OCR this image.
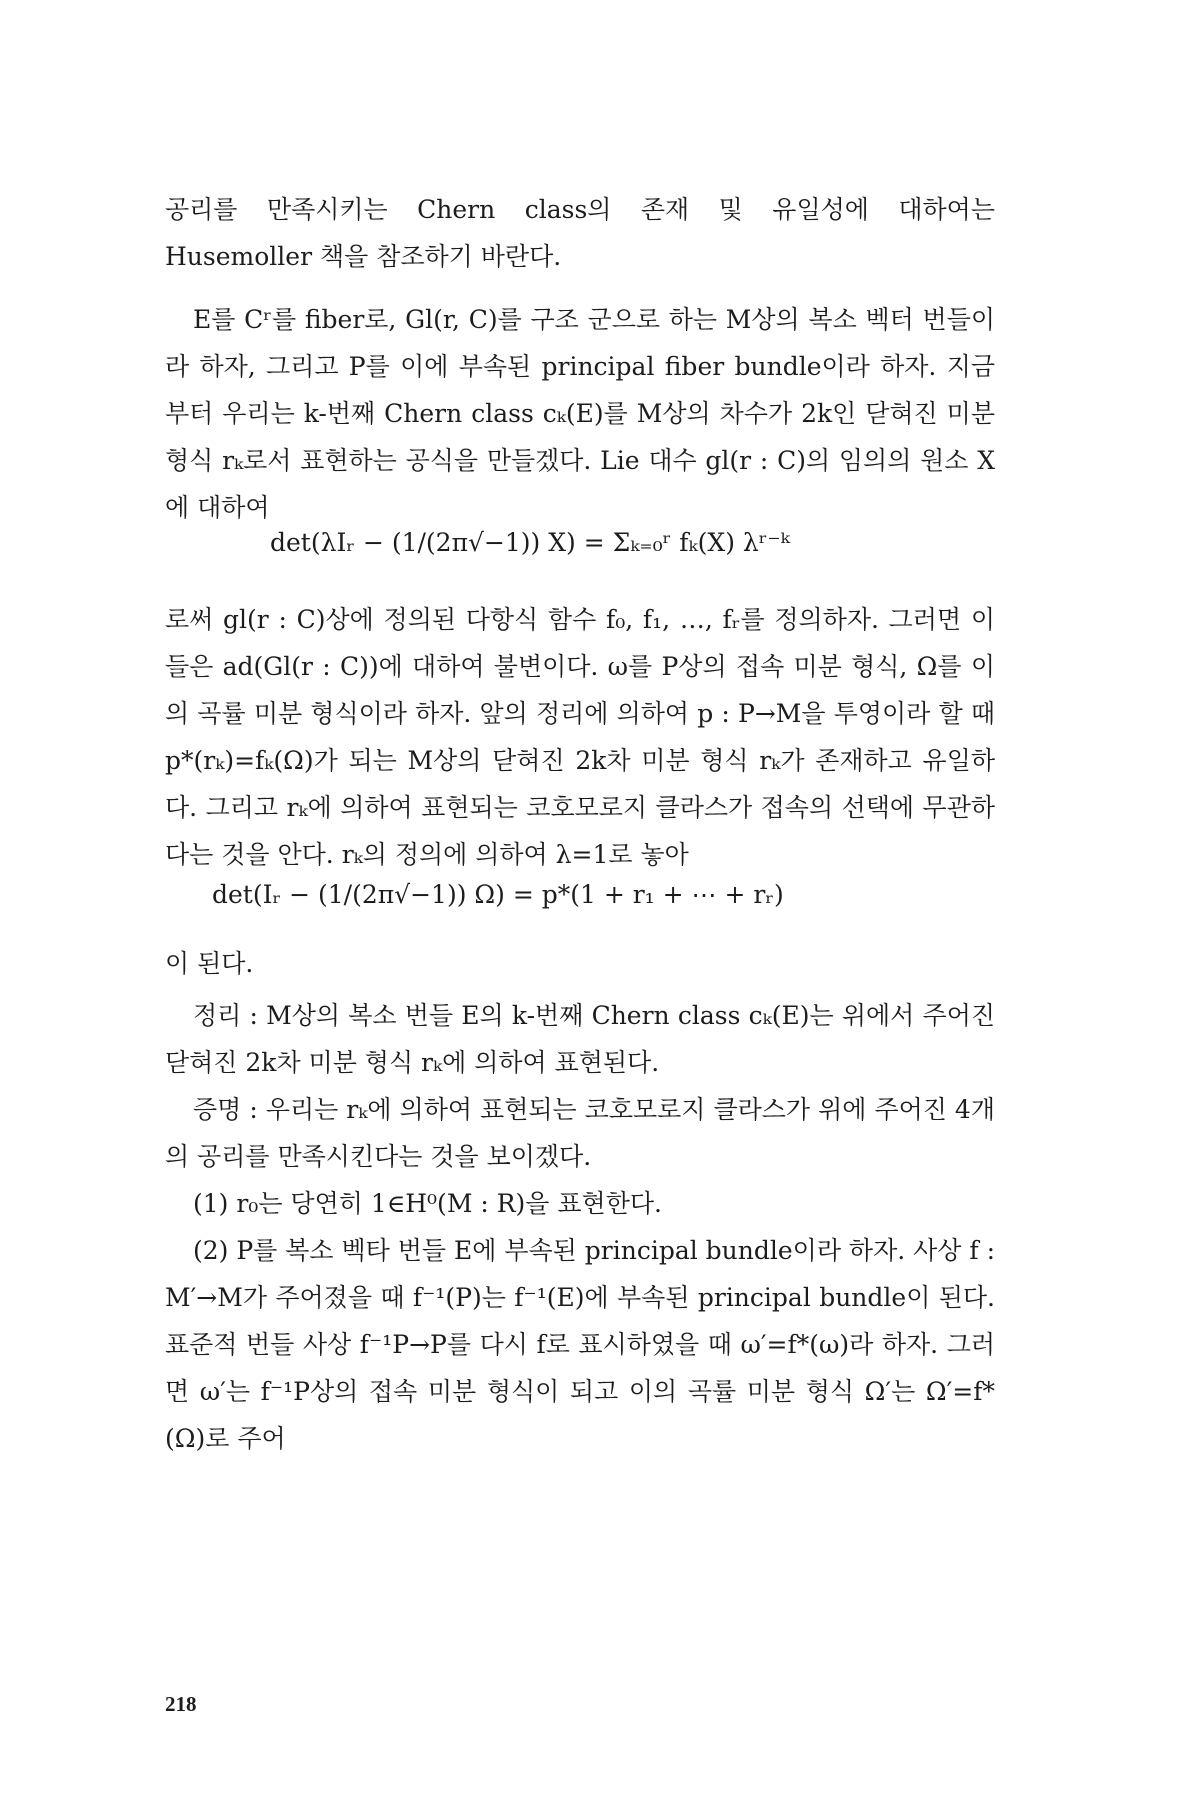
공리를 만족시키는 Chern class의 존재 및 유일성에 대하여는 Husemoller 책을 참조하기 바란다.

E를 Cʳ를 fiber로, Gl(r, C)를 구조 군으로 하는 M상의 복소 벡터 번들이라 하자, 그리고 P를 이에 부속된 principal fiber bundle이라 하자. 지금부터 우리는 k-번째 Chern class cₖ(E)를 M상의 차수가 2k인 닫혀진 미분 형식 rₖ로서 표현하는 공식을 만들겠다. Lie 대수 gl(r : C)의 임의의 원소 X에 대하여

det(λIᵣ − (1/(2π√−1)) X) = Σₖ₌₀ʳ fₖ(X) λʳ⁻ᵏ

로써 gl(r : C)상에 정의된 다항식 함수 f₀, f₁, …, fᵣ를 정의하자. 그러면 이들은 ad(Gl(r : C))에 대하여 불변이다. ω를 P상의 접속 미분 형식, Ω를 이의 곡률 미분 형식이라 하자. 앞의 정리에 의하여 p : P→M을 투영이라 할 때 p*(rₖ)=fₖ(Ω)가 되는 M상의 닫혀진 2k차 미분 형식 rₖ가 존재하고 유일하다. 그리고 rₖ에 의하여 표현되는 코호모로지 클라스가 접속의 선택에 무관하다는 것을 안다. rₖ의 정의에 의하여 λ=1로 놓아

det(Iᵣ − (1/(2π√−1)) Ω) = p*(1 + r₁ + ⋯ + rᵣ)

이 된다.

정리 : M상의 복소 번들 E의 k-번째 Chern class cₖ(E)는 위에서 주어진 닫혀진 2k차 미분 형식 rₖ에 의하여 표현된다.

증명 : 우리는 rₖ에 의하여 표현되는 코호모로지 클라스가 위에 주어진 4개의 공리를 만족시킨다는 것을 보이겠다.

(1) r₀는 당연히 1∈H⁰(M : R)을 표현한다.

(2) P를 복소 벡타 번들 E에 부속된 principal bundle이라 하자. 사상 f : M′→M가 주어졌을 때 f⁻¹(P)는 f⁻¹(E)에 부속된 principal bundle이 된다. 표준적 번들 사상 f⁻¹P→P를 다시 f로 표시하였을 때 ω′=f*(ω)라 하자. 그러면 ω′는 f⁻¹P상의 접속 미분 형식이 되고 이의 곡률 미분 형식 Ω′는 Ω′=f*(Ω)로 주어

218
